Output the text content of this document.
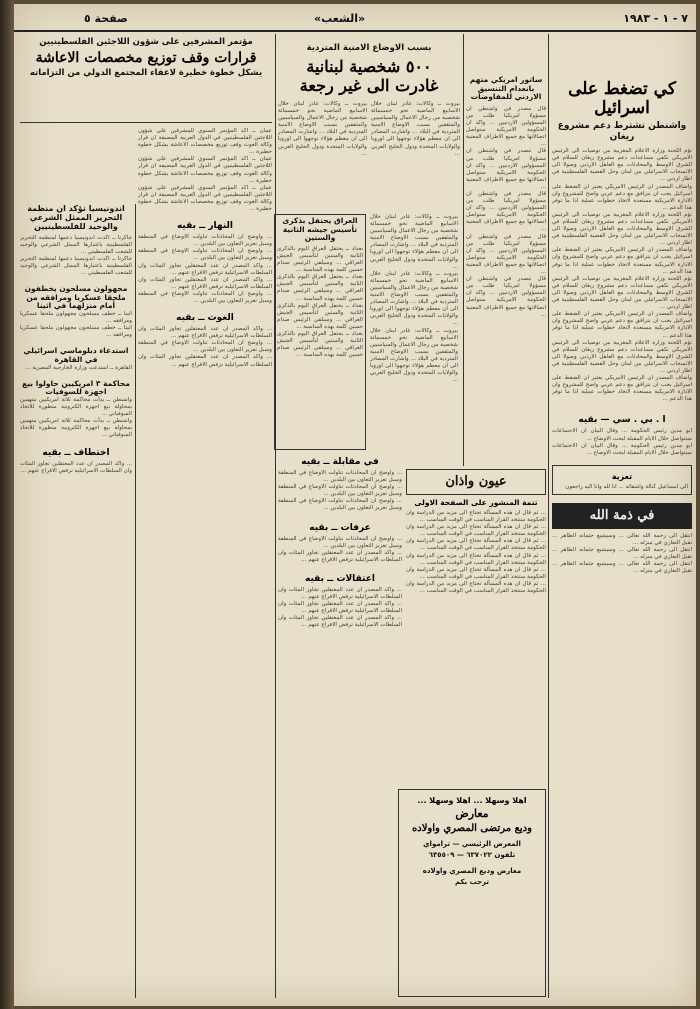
٧ - ١ - ١٩٨٣
«الشعب»
صفحة ٥
كي تضغط على اسرائيل
واشنطن تشترط دعم مشروع ريغان

تؤم اللجنة وزارة الاعلام المغربية من توصيات الى الرئيس الامريكي تكفي مساعدات دعم مشروع ريغان للسلام في الشرق الاوسط والمحادثات مع العاهل الاردني وصولا الى الانسحاب الاسرائيلي من لبنان وحل القضية الفلسطينية في اطار اردني ...

واضاف المصدر ان الرئيس الامريكي يعتبر ان الضغط على اسرائيل يجب ان يترافق مع دعم عربي واضح للمشروع وان الادارة الامريكية مستعدة لاتخاذ خطوات عملية اذا ما توفر هذا الدعم ...

تؤم اللجنة وزارة الاعلام المغربية من توصيات الى الرئيس الامريكي تكفي مساعدات دعم مشروع ريغان للسلام في الشرق الاوسط والمحادثات مع العاهل الاردني وصولا الى الانسحاب الاسرائيلي من لبنان وحل القضية الفلسطينية في اطار اردني ...

واضاف المصدر ان الرئيس الامريكي يعتبر ان الضغط على اسرائيل يجب ان يترافق مع دعم عربي واضح للمشروع وان الادارة الامريكية مستعدة لاتخاذ خطوات عملية اذا ما توفر هذا الدعم ...

تؤم اللجنة وزارة الاعلام المغربية من توصيات الى الرئيس الامريكي تكفي مساعدات دعم مشروع ريغان للسلام في الشرق الاوسط والمحادثات مع العاهل الاردني وصولا الى الانسحاب الاسرائيلي من لبنان وحل القضية الفلسطينية في اطار اردني ...

واضاف المصدر ان الرئيس الامريكي يعتبر ان الضغط على اسرائيل يجب ان يترافق مع دعم عربي واضح للمشروع وان الادارة الامريكية مستعدة لاتخاذ خطوات عملية اذا ما توفر هذا الدعم ...

تؤم اللجنة وزارة الاعلام المغربية من توصيات الى الرئيس الامريكي تكفي مساعدات دعم مشروع ريغان للسلام في الشرق الاوسط والمحادثات مع العاهل الاردني وصولا الى الانسحاب الاسرائيلي من لبنان وحل القضية الفلسطينية في اطار اردني ...

واضاف المصدر ان الرئيس الامريكي يعتبر ان الضغط على اسرائيل يجب ان يترافق مع دعم عربي واضح للمشروع وان الادارة الامريكية مستعدة لاتخاذ خطوات عملية اذا ما توفر هذا الدعم ...

ا . بي . سي — بقيه

ابو مدين رئيس الحكومة ... وقال البيان ان الاجتماعات ستتواصل خلال الايام المقبلة لبحث الاوضاع ...

ابو مدين رئيس الحكومة ... وقال البيان ان الاجتماعات ستتواصل خلال الايام المقبلة لبحث الاوضاع ...

تعزية

الى اسماعيل كنالة واشقائه ... انا لله وانا اليه راجعون

في ذمة الله

انتقل الى رحمة الله تعالى ... وسيشيع جثمانه الطاهر ... تقبل التعازي في منزله ...

انتقل الى رحمة الله تعالى ... وسيشيع جثمانه الطاهر ... تقبل التعازي في منزله ...

انتقل الى رحمة الله تعالى ... وسيشيع جثمانه الطاهر ... تقبل التعازي في منزله ...

ساتور امريكي متهم بانعدام التنسيق الاردني للمفاوضات

قال مصدر في واشنطن ان مسؤولا امريكيا طلب من المسؤولين الاردنيين ... واكد ان الحكومة الامريكية ستواصل اتصالاتها مع جميع الاطراف المعنية ...

قال مصدر في واشنطن ان مسؤولا امريكيا طلب من المسؤولين الاردنيين ... واكد ان الحكومة الامريكية ستواصل اتصالاتها مع جميع الاطراف المعنية ...

قال مصدر في واشنطن ان مسؤولا امريكيا طلب من المسؤولين الاردنيين ... واكد ان الحكومة الامريكية ستواصل اتصالاتها مع جميع الاطراف المعنية ...

قال مصدر في واشنطن ان مسؤولا امريكيا طلب من المسؤولين الاردنيين ... واكد ان الحكومة الامريكية ستواصل اتصالاتها مع جميع الاطراف المعنية ...

قال مصدر في واشنطن ان مسؤولا امريكيا طلب من المسؤولين الاردنيين ... واكد ان الحكومة الامريكية ستواصل اتصالاتها مع جميع الاطراف المعنية ...

بسبب الاوضاع الامنية المتردية
٥٠٠ شخصية لبنانية
غادرت الى غير رجعة

بيروت ــ وكالات: غادر لبنان خلال الاسابيع الماضية نحو خمسمائة شخصية من رجال الاعمال والسياسيين والمثقفين بسبب الاوضاع الامنية المتردية في البلاد ... واشارت المصادر الى ان معظم هؤلاء توجهوا الى اوروبا والولايات المتحدة ودول الخليج العربي ...

بيروت ــ وكالات: غادر لبنان خلال الاسابيع الماضية نحو خمسمائة شخصية من رجال الاعمال والسياسيين والمثقفين بسبب الاوضاع الامنية المتردية في البلاد ... واشارت المصادر الى ان معظم هؤلاء توجهوا الى اوروبا والولايات المتحدة ودول الخليج العربي ...

العراق يحتفل بذكرى تأسيس جيشه الثانية والستين

بغداد ــ يحتفل العراق اليوم بالذكرى الثانية والستين لتأسيس الجيش العراقي ... وسيلقي الرئيس صدام حسين كلمة بهذه المناسبة ...

بغداد ــ يحتفل العراق اليوم بالذكرى الثانية والستين لتأسيس الجيش العراقي ... وسيلقي الرئيس صدام حسين كلمة بهذه المناسبة ...

بغداد ــ يحتفل العراق اليوم بالذكرى الثانية والستين لتأسيس الجيش العراقي ... وسيلقي الرئيس صدام حسين كلمة بهذه المناسبة ...

بغداد ــ يحتفل العراق اليوم بالذكرى الثانية والستين لتأسيس الجيش العراقي ... وسيلقي الرئيس صدام حسين كلمة بهذه المناسبة ...

بيروت ــ وكالات: غادر لبنان خلال الاسابيع الماضية نحو خمسمائة شخصية من رجال الاعمال والسياسيين والمثقفين بسبب الاوضاع الامنية المتردية في البلاد ... واشارت المصادر الى ان معظم هؤلاء توجهوا الى اوروبا والولايات المتحدة ودول الخليج العربي ...

بيروت ــ وكالات: غادر لبنان خلال الاسابيع الماضية نحو خمسمائة شخصية من رجال الاعمال والسياسيين والمثقفين بسبب الاوضاع الامنية المتردية في البلاد ... واشارت المصادر الى ان معظم هؤلاء توجهوا الى اوروبا والولايات المتحدة ودول الخليج العربي ...

بيروت ــ وكالات: غادر لبنان خلال الاسابيع الماضية نحو خمسمائة شخصية من رجال الاعمال والسياسيين والمثقفين بسبب الاوضاع الامنية المتردية في البلاد ... واشارت المصادر الى ان معظم هؤلاء توجهوا الى اوروبا والولايات المتحدة ودول الخليج العربي ...

عيون واذان
تتمة المنشور على الصفحة الاولى

... ثم قال ان هذه المسألة تحتاج الى مزيد من الدراسة وان الحكومة ستتخذ القرار المناسب في الوقت المناسب ...

... ثم قال ان هذه المسألة تحتاج الى مزيد من الدراسة وان الحكومة ستتخذ القرار المناسب في الوقت المناسب ...

... ثم قال ان هذه المسألة تحتاج الى مزيد من الدراسة وان الحكومة ستتخذ القرار المناسب في الوقت المناسب ...

... ثم قال ان هذه المسألة تحتاج الى مزيد من الدراسة وان الحكومة ستتخذ القرار المناسب في الوقت المناسب ...

... ثم قال ان هذه المسألة تحتاج الى مزيد من الدراسة وان الحكومة ستتخذ القرار المناسب في الوقت المناسب ...

... ثم قال ان هذه المسألة تحتاج الى مزيد من الدراسة وان الحكومة ستتخذ القرار المناسب في الوقت المناسب ...

في مقابلة ــ بقيه

... واوضح ان المحادثات تناولت الاوضاع في المنطقة وسبل تعزيز التعاون بين البلدين ...

... واوضح ان المحادثات تناولت الاوضاع في المنطقة وسبل تعزيز التعاون بين البلدين ...

... واوضح ان المحادثات تناولت الاوضاع في المنطقة وسبل تعزيز التعاون بين البلدين ...

عرفات ــ بقيه

... واوضح ان المحادثات تناولت الاوضاع في المنطقة وسبل تعزيز التعاون بين البلدين ...

... واكد المصدر ان عدد المعتقلين تجاوز المئات وان السلطات الاسرائيلية ترفض الافراج عنهم ...

اعتقالات ــ بقيه

... واكد المصدر ان عدد المعتقلين تجاوز المئات وان السلطات الاسرائيلية ترفض الافراج عنهم ...

... واكد المصدر ان عدد المعتقلين تجاوز المئات وان السلطات الاسرائيلية ترفض الافراج عنهم ...

... واكد المصدر ان عدد المعتقلين تجاوز المئات وان السلطات الاسرائيلية ترفض الافراج عنهم ...

اهلا وسهلا ... اهلا وسهلا ...
معارض
وديع مرتضى المصري واولاده
المعرض الرئيسي — ترامواي
تلفون ٦٣٧٠٢٢ — ٦٣٥٥٠٩
معارض وديع المصري واولاده
ترحب بكم
مؤتمر المشرفين على شؤون اللاجئين الفلسطينيين
قرارات وقف توزيع مخصصات الاعاشة
يشكل خطوة خطيرة لاعفاء المجتمع الدولي من التزاماته

عمان ــ اكد المؤتمر السنوي للمشرفين على شؤون اللاجئين الفلسطينيين في الدول العربية المضيفة ان قرار وكالة الغوث وقف توزيع مخصصات الاعاشة يشكل خطوة خطيرة ...

عمان ــ اكد المؤتمر السنوي للمشرفين على شؤون اللاجئين الفلسطينيين في الدول العربية المضيفة ان قرار وكالة الغوث وقف توزيع مخصصات الاعاشة يشكل خطوة خطيرة ...

عمان ــ اكد المؤتمر السنوي للمشرفين على شؤون اللاجئين الفلسطينيين في الدول العربية المضيفة ان قرار وكالة الغوث وقف توزيع مخصصات الاعاشة يشكل خطوة خطيرة ...

النهار ــ بقيه

... واوضح ان المحادثات تناولت الاوضاع في المنطقة وسبل تعزيز التعاون بين البلدين ...

... واوضح ان المحادثات تناولت الاوضاع في المنطقة وسبل تعزيز التعاون بين البلدين ...

... واكد المصدر ان عدد المعتقلين تجاوز المئات وان السلطات الاسرائيلية ترفض الافراج عنهم ...

... واكد المصدر ان عدد المعتقلين تجاوز المئات وان السلطات الاسرائيلية ترفض الافراج عنهم ...

... واوضح ان المحادثات تناولت الاوضاع في المنطقة وسبل تعزيز التعاون بين البلدين ...

الغوث ــ بقيه

... واكد المصدر ان عدد المعتقلين تجاوز المئات وان السلطات الاسرائيلية ترفض الافراج عنهم ...

... واوضح ان المحادثات تناولت الاوضاع في المنطقة وسبل تعزيز التعاون بين البلدين ...

... واكد المصدر ان عدد المعتقلين تجاوز المئات وان السلطات الاسرائيلية ترفض الافراج عنهم ...

اندونيسيا تؤكد ان منظمة التحرير الممثل الشرعي والوحيد للفلسطينيين

جاكرتا ــ اكدت اندونيسيا دعمها لمنظمة التحرير الفلسطينية باعتبارها الممثل الشرعي والوحيد للشعب الفلسطيني ...

جاكرتا ــ اكدت اندونيسيا دعمها لمنظمة التحرير الفلسطينية باعتبارها الممثل الشرعي والوحيد للشعب الفلسطيني ...

مجهولون مسلحون يخطفون ملحقا عسكريا ومرافقه من أمام منزلهما في اثينا

اثينا ــ خطف مسلحون مجهولون ملحقا عسكريا ومرافقه ...

اثينا ــ خطف مسلحون مجهولون ملحقا عسكريا ومرافقه ...

استدعاء دبلوماسي اسرائيلي في القاهرة

القاهرة ــ استدعت وزارة الخارجية المصرية ...

محاكمة ٣ امريكيين حاولوا بيع اجهزة للسوفيات

واشنطن ــ بدأت محاكمة ثلاثة امريكيين متهمين بمحاولة بيع اجهزة الكترونية متطورة للاتحاد السوفياتي ...

واشنطن ــ بدأت محاكمة ثلاثة امريكيين متهمين بمحاولة بيع اجهزة الكترونية متطورة للاتحاد السوفياتي ...

اختطاف ــ بقيه

... واكد المصدر ان عدد المعتقلين تجاوز المئات وان السلطات الاسرائيلية ترفض الافراج عنهم ...
